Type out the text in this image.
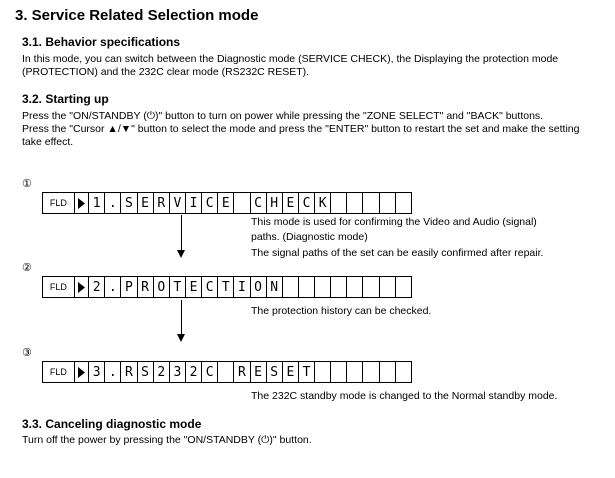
3. Service Related Selection mode
3.1. Behavior specifications
In this mode, you can switch between the Diagnostic mode (SERVICE CHECK), the Displaying the protection mode
(PROTECTION) and the 232C clear mode (RS232C RESET).
3.2. Starting up
Press the "ON/STANDBY (⏻)" button to turn on power while pressing the "ZONE SELECT" and "BACK" buttons.
Press the "Cursor ▲/▼" button to select the mode and press the "ENTER" button to restart the set and make the setting
take effect.
①
FLD	1 . S E R V I C E	C H E C K
This mode is used for confirming the Video and Audio (signal)
paths. (Diagnostic mode)
The signal paths of the set can be easily confirmed after repair.
②
FLD	2 . P R O T E C T I O N
The protection history can be checked.
③
FLD	3 . R S 2 3 2 C	R E S E T
The 232C standby mode is changed to the Normal standby mode.
3.3. Canceling diagnostic mode
Turn off the power by pressing the "ON/STANDBY (⏻)" button.
